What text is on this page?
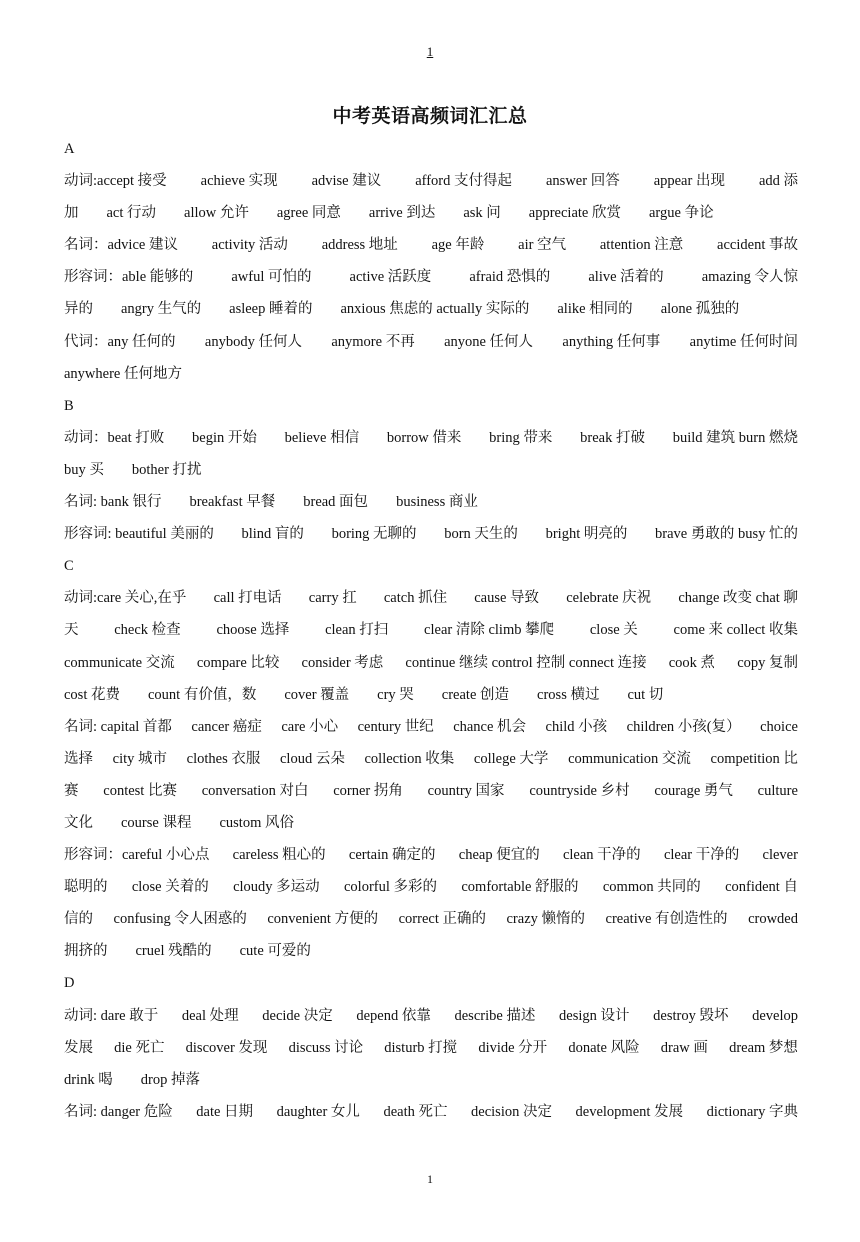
1
中考英语高频词汇汇总
A
动词:accept 接受 achieve 实现 advise 建议 afford 支付得起 answer 回答 appear 出现 add 添
加 act 行动 allow 允许 agree 同意 arrive 到达 ask 问 appreciate 欣赏 argue 争论
名词：advice 建议 activity 活动 address 地址 age 年龄 air 空气 attention 注意 accident 事故
形容词：able 能够的	awful 可怕的	active 活跃度	afraid 恐惧的	alive 活着的	amazing 令人惊
异的 angry 生气的 asleep 睡着的 anxious 焦虑的 actually 实际的 alike 相同的 alone 孤独的
代词：any 任何的 anybody 任何人 anymore 不再 anyone 任何人 anything 任何事 anytime 任何时间
anywhere 任何地方
B
动词：beat 打败 begin 开始 believe 相信 borrow 借来 bring 带来 break 打破 build 建筑 burn 燃烧
buy 买 bother 打扰
名词: bank 银行 breakfast 早餐 bread 面包 business 商业
形容词: beautiful 美丽的 blind 盲的 boring 无聊的 born 天生的 bright 明亮的 brave 勇敢的 busy 忙的
C
动词:care 关心,在乎 call 打电话 carry 扛 catch 抓住 cause 导致 celebrate 庆祝 change 改变 chat 聊
天 check 检查 choose 选择 clean 打扫 clear 清除 climb 攀爬 close 关 come 来 collect 收集
communicate 交流 compare 比较 consider 考虑 continue 继续 control 控制 connect 连接 cook 煮 copy 复制
cost 花费 count 有价值，数 cover 覆盖 cry 哭 create 创造 cross 横过 cut 切
名词: capital 首都 cancer 癌症 care 小心 century 世纪 chance 机会 child 小孩 children 小孩(复） choice
选择 city 城市 clothes 衣服 cloud 云朵 collection 收集 college 大学 communication 交流 competition 比
赛 contest 比赛 conversation 对白 corner 拐角 country 国家 countryside 乡村 courage 勇气 culture
文化 course 课程 custom 风俗
形容词：careful 小心点 careless 粗心的 certain 确定的 cheap 便宜的 clean 干净的 clear 干净的 clever
聪明的 close 关着的 cloudy 多运动 colorful 多彩的 comfortable 舒服的 common 共同的 confident 自
信的 confusing 令人困惑的 convenient 方便的 correct 正确的 crazy 懒惰的 creative 有创造性的 crowded
拥挤的 cruel 残酷的 cute 可爱的
D
动词: dare 敢于 deal 处理 decide 决定 depend 依靠 describe 描述 design 设计 destroy 毁坏 develop
发展 die 死亡 discover 发现 discuss 讨论 disturb 打搅 divide 分开 donate 风险 draw 画 dream 梦想
drink 喝 drop 掉落
名词: danger 危险 date 日期 daughter 女儿 death 死亡 decision 决定 development 发展 dictionary 字典
1
